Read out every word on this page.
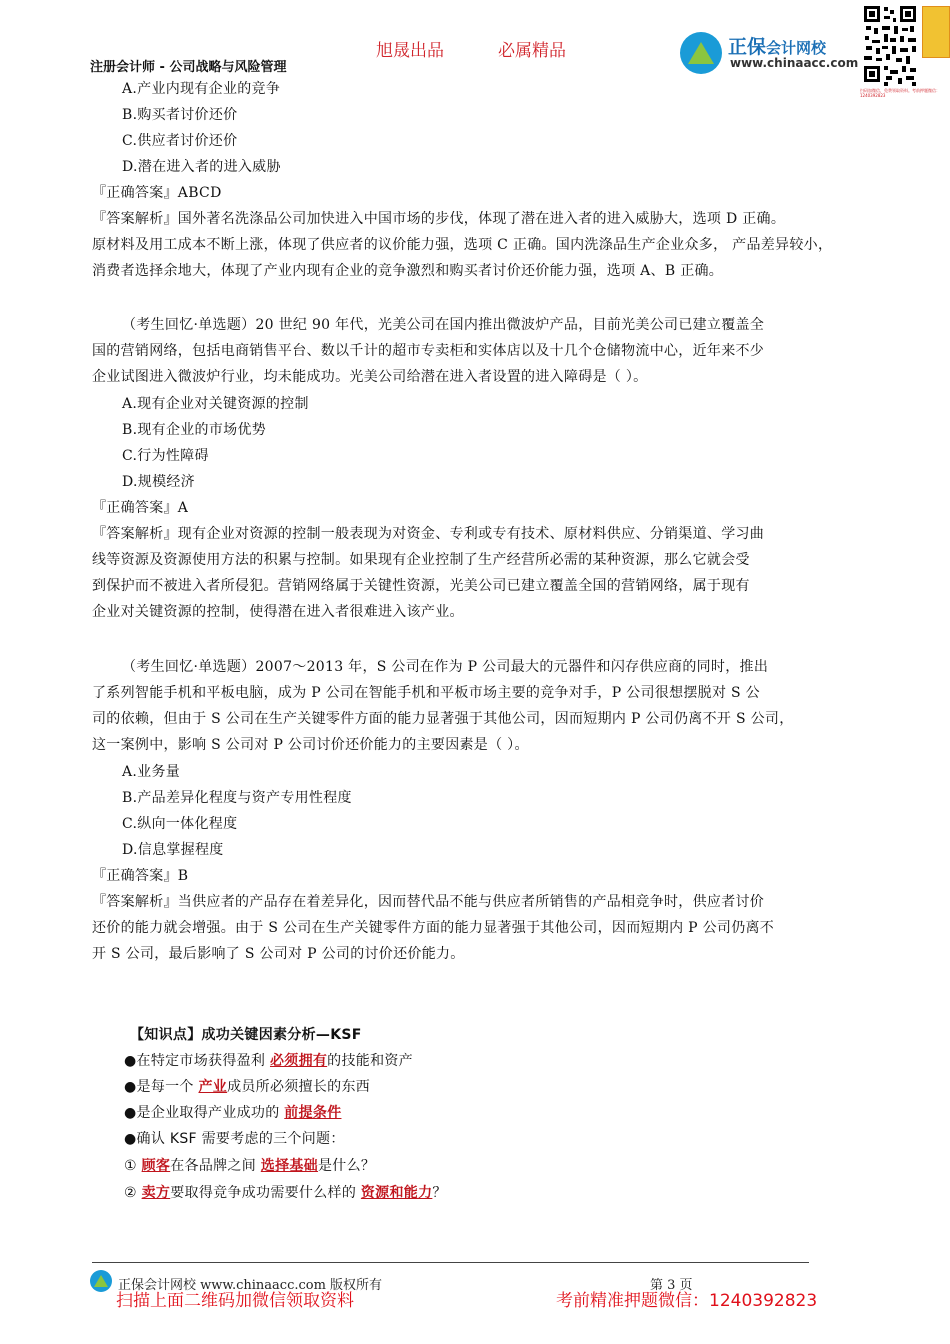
旭晟出品	必属精品
注册会计师 - 公司战略与风险管理
正保会计网校
www.chinaacc.com
扫码加微信，免费领取资料。考前押题微信：1240392823
A.产业内现有企业的竞争
B.购买者讨价还价
C.供应者讨价还价
D.潜在进入者的进入威胁
『正确答案』ABCD
『答案解析』国外著名洗涤品公司加快进入中国市场的步伐，体现了潜在进入者的进入威胁大，选项 D 正确。
原材料及用工成本不断上涨，体现了供应者的议价能力强，选项 C 正确。国内洗涤品生产企业众多， 产品差异较小，
消费者选择余地大，体现了产业内现有企业的竞争激烈和购买者讨价还价能力强，选项 A、B 正确。
（考生回忆·单选题）20 世纪 90 年代，光美公司在国内推出微波炉产品，目前光美公司已建立覆盖全
国的营销网络，包括电商销售平台、数以千计的超市专卖柜和实体店以及十几个仓储物流中心，近年来不少
企业试图进入微波炉行业，均未能成功。光美公司给潜在进入者设置的进入障碍是（ ）。
A.现有企业对关键资源的控制
B.现有企业的市场优势
C.行为性障碍
D.规模经济
『正确答案』A
『答案解析』现有企业对资源的控制一般表现为对资金、专利或专有技术、原材料供应、分销渠道、学习曲
线等资源及资源使用方法的积累与控制。如果现有企业控制了生产经营所必需的某种资源，那么它就会受
到保护而不被进入者所侵犯。营销网络属于关键性资源，光美公司已建立覆盖全国的营销网络，属于现有
企业对关键资源的控制，使得潜在进入者很难进入该产业。
（考生回忆·单选题）2007～2013 年，S 公司在作为 P 公司最大的元器件和闪存供应商的同时，推出
了系列智能手机和平板电脑，成为 P 公司在智能手机和平板市场主要的竞争对手，P 公司很想摆脱对 S 公
司的依赖，但由于 S 公司在生产关键零件方面的能力显著强于其他公司，因而短期内 P 公司仍离不开 S 公司，
这一案例中，影响 S 公司对 P 公司讨价还价能力的主要因素是（ ）。
A.业务量
B.产品差异化程度与资产专用性程度
C.纵向一体化程度
D.信息掌握程度
『正确答案』B
『答案解析』当供应者的产品存在着差异化，因而替代品不能与供应者所销售的产品相竞争时，供应者讨价
还价的能力就会增强。由于 S 公司在生产关键零件方面的能力显著强于其他公司，因而短期内 P 公司仍离不
开 S 公司，最后影响了 S 公司对 P 公司的讨价还价能力。
【知识点】成功关键因素分析—KSF
●在特定市场获得盈利 必须拥有的技能和资产
●是每一个 产业成员所必须擅长的东西
●是企业取得产业成功的 前提条件
●确认 KSF 需要考虑的三个问题：
① 顾客在各品牌之间 选择基础是什么？
② 卖方要取得竞争成功需要什么样的 资源和能力？
正保会计网校 www.chinaacc.com 版权所有	第 3 页
扫描上面二维码加微信领取资料	考前精准押题微信：1240392823
